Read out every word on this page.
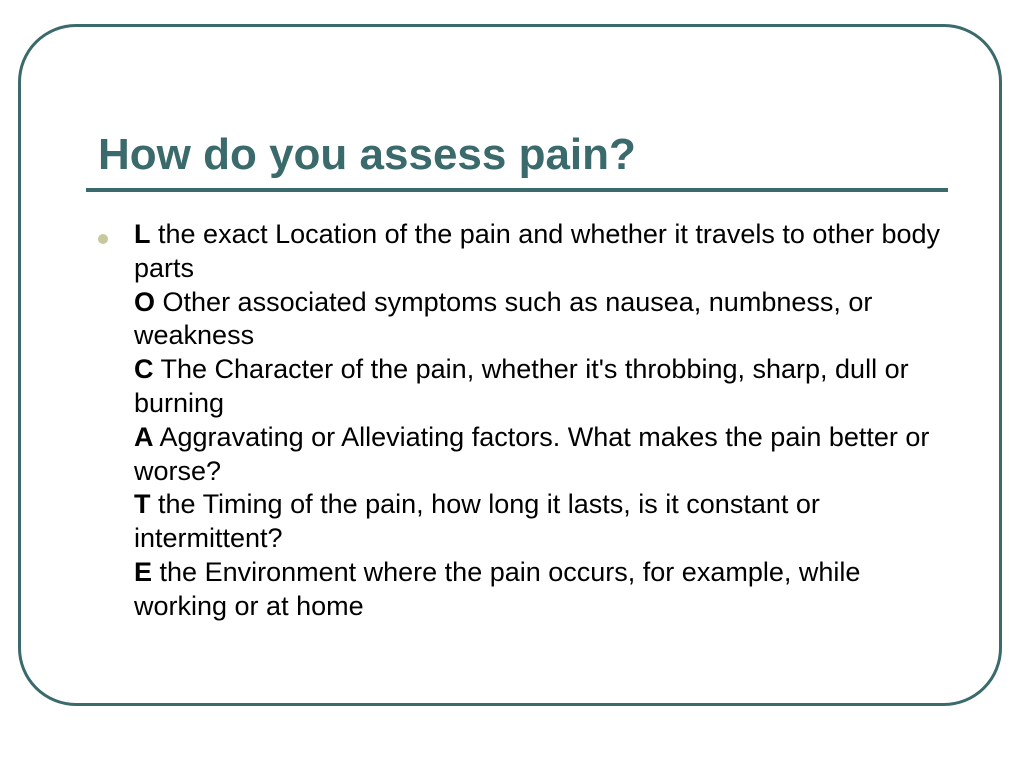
How do you assess pain?
L the exact Location of the pain and whether it travels to other body parts
O Other associated symptoms such as nausea, numbness, or weakness
C The Character of the pain, whether it's throbbing, sharp, dull or burning
A Aggravating or Alleviating factors. What makes the pain better or worse?
T the Timing of the pain, how long it lasts, is it constant or intermittent?
E the Environment where the pain occurs, for example, while working or at home
